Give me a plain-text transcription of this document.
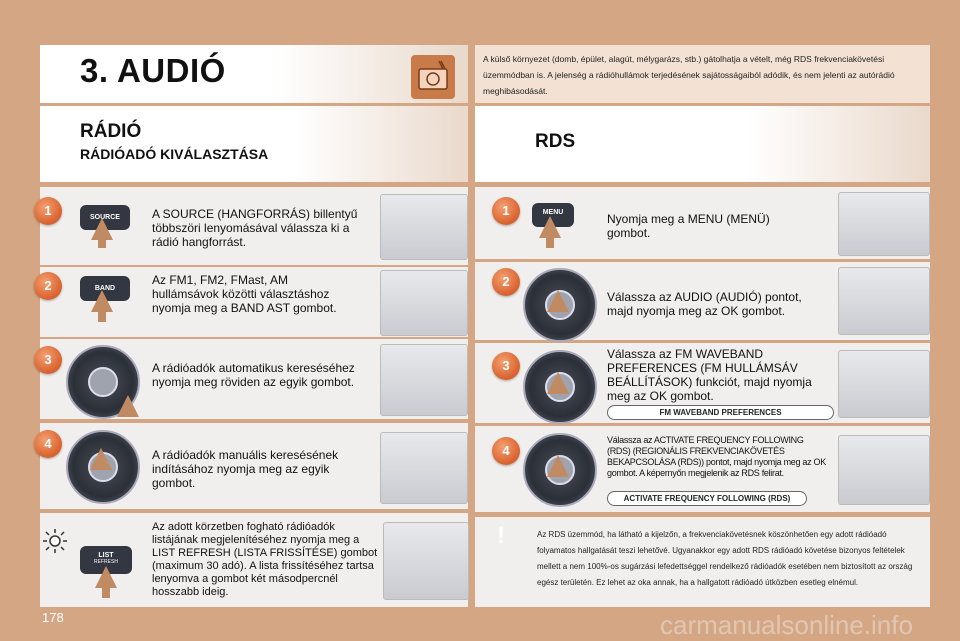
3. AUDIÓ	A külső környezet (domb, épület, alagút, mélygarázs, stb.) gátolhatja a vételt, még RDS frekvenciakövetési üzemmódban is. A jelenség a rádióhullámok terjedésének sajátosságaiból adódik, és nem jelenti az autórádió meghibásodását.
RÁDIÓ
RÁDIÓADÓ KIVÁLASZTÁSA
RDS
1	SOURCE	A SOURCE (HANGFORRÁS) billentyű többszöri lenyomásával válassza ki a rádió hangforrást.
2	BAND
Az FM1, FM2, FMast, AM hullámsávok közötti választáshoz nyomja meg a BAND AST gombot.
3
A rádióadók automatikus kereséséhez nyomja meg röviden az egyik gombot.
4
A rádióadók manuális keresésének indításához nyomja meg az egyik gombot.
LIST
REFRESH
Az adott körzetben fogható rádióadók listájának megjelenítéséhez nyomja meg a LIST REFRESH (LISTA FRISSÍTÉSE) gombot (maximum 30 adó). A lista frissítéséhez tartsa lenyomva a gombot két másodpercnél hosszabb ideig.
1	MENU	Nyomja meg a MENU (MENÜ) gombot.
2
Válassza az AUDIO (AUDIÓ) pontot, majd nyomja meg az OK gombot.
3
Válassza az FM WAVEBAND PREFERENCES (FM HULLÁMSÁV BEÁLLÍTÁSOK) funkciót, majd nyomja meg az OK gombot.
FM WAVEBAND PREFERENCES
4
Válassza az ACTIVATE FREQUENCY FOLLOWING (RDS) (REGIONÁLIS FREKVENCIAKÖVETÉS BEKAPCSOLÁSA (RDS)) pontot, majd nyomja meg az OK gombot. A képernyőn megjelenik az RDS felirat.
ACTIVATE FREQUENCY FOLLOWING (RDS)
!	Az RDS üzemmód, ha látható a kijelzőn, a frekvenciakövetésnek köszönhetően egy adott rádióadó folyamatos hallgatását teszi lehetővé. Ugyanakkor egy adott RDS rádióadó követése bizonyos feltételek mellett a nem 100%-os sugárzási lefedettséggel rendelkező rádióadók esetében nem biztosított az ország egész területén. Ez lehet az oka annak, ha a hallgatott rádióadó útközben esetleg elnémul.
178	carmanualsonline.info
